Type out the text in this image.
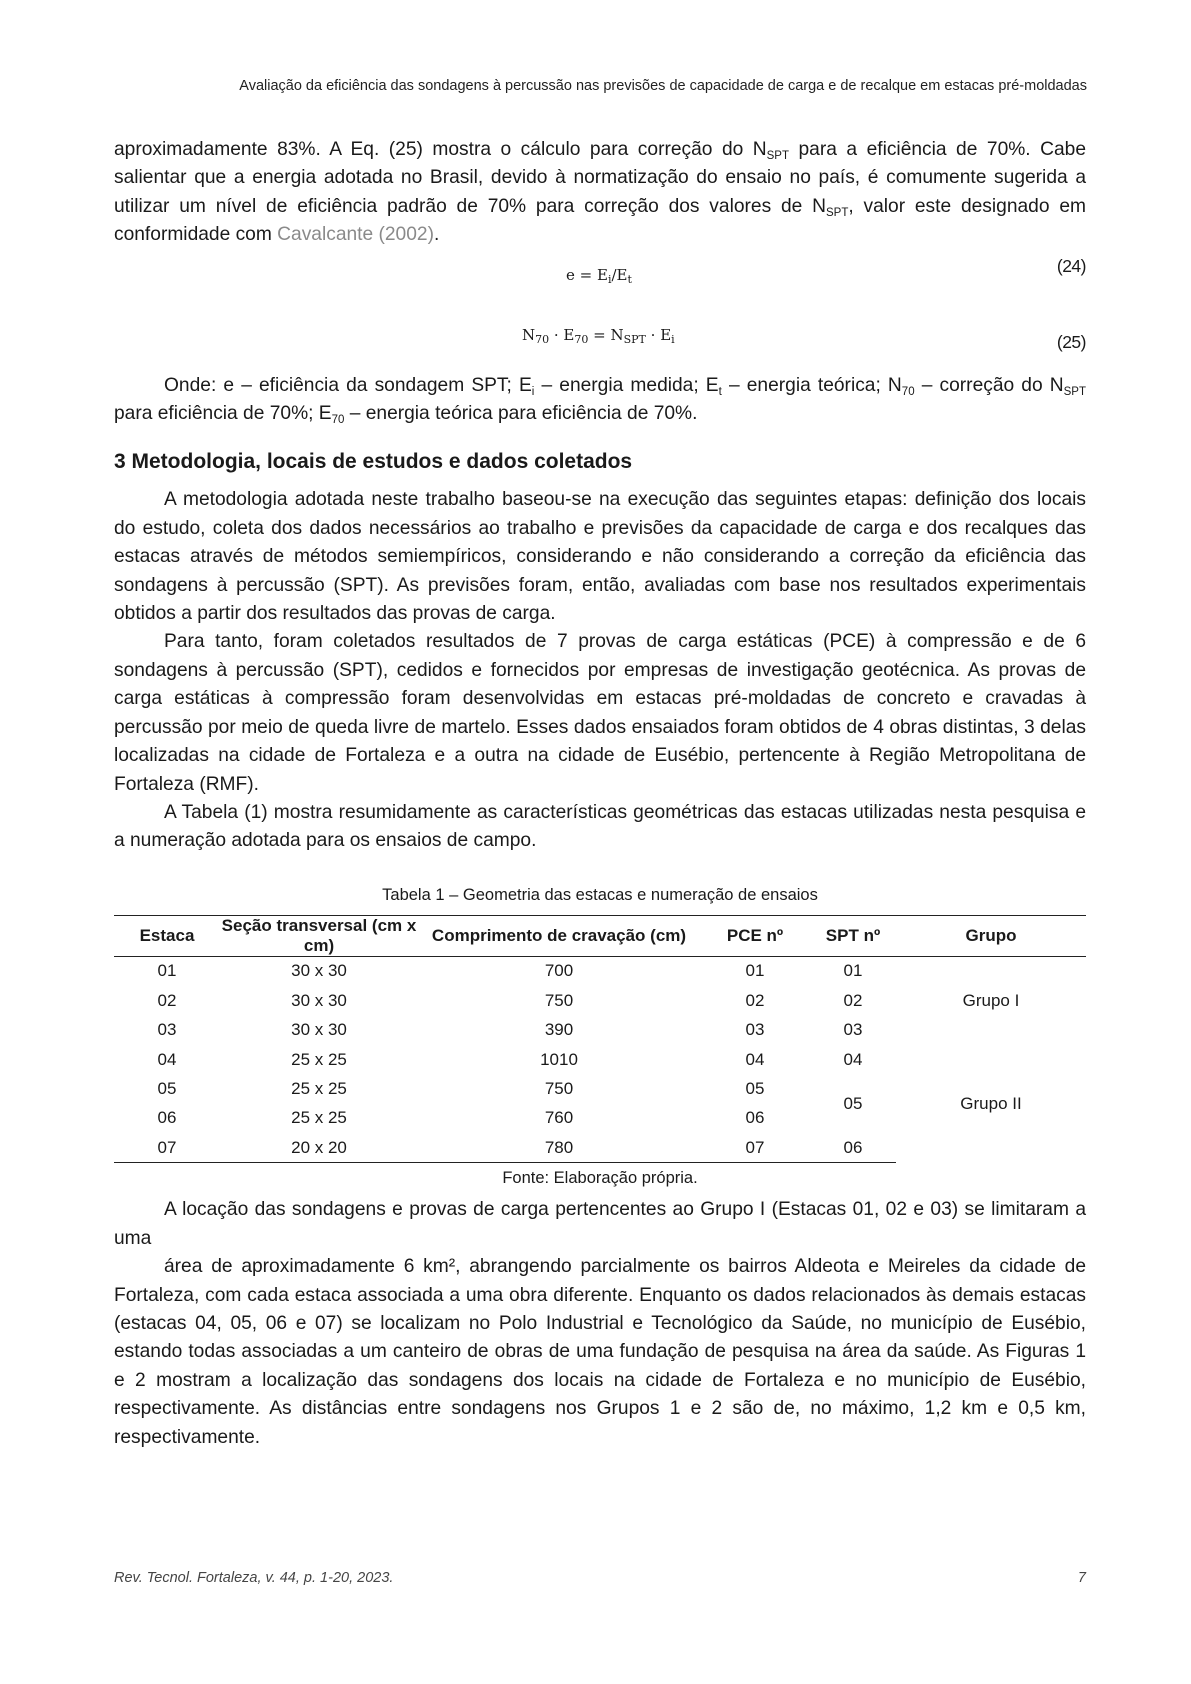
Avaliação da eficiência das sondagens à percussão nas previsões de capacidade de carga e de recalque em estacas pré-moldadas

aproximadamente 83%. A Eq. (25) mostra o cálculo para correção do $N_{SPT}$ para a eficiência de 70%. Cabe salientar que a energia adotada no Brasil, devido à normatização do ensaio no país, é comumente sugerida a utilizar um nível de eficiência padrão de 70% para correção dos valores de $N_{SPT}$, valor este designado em conformidade com Cavalcante (2002).

$e = E_i/E_t$
(24)
$N_{70} \cdot E_{70} = N_{SPT} \cdot E_i$	(25)

Onde: e – eficiência da sondagem SPT; $E_i$ – energia medida; $E_t$ – energia teórica; $N_{70}$ – correção do $N_{SPT}$ para eficiência de 70%; $E_{70}$ – energia teórica para eficiência de 70%.

3 Metodologia, locais de estudos e dados coletados

A metodologia adotada neste trabalho baseou-se na execução das seguintes etapas: definição dos locais do estudo, coleta dos dados necessários ao trabalho e previsões da capacidade de carga e dos recalques das estacas através de métodos semiempíricos, considerando e não considerando a correção da eficiência das sondagens à percussão (SPT). As previsões foram, então, avaliadas com base nos resultados experimentais obtidos a partir dos resultados das provas de carga.

Para tanto, foram coletados resultados de 7 provas de carga estáticas (PCE) à compressão e de 6 sondagens à percussão (SPT), cedidos e fornecidos por empresas de investigação geotécnica. As provas de carga estáticas à compressão foram desenvolvidas em estacas pré-moldadas de concreto e cravadas à percussão por meio de queda livre de martelo. Esses dados ensaiados foram obtidos de 4 obras distintas, 3 delas localizadas na cidade de Fortaleza e a outra na cidade de Eusébio, pertencente à Região Metropolitana de Fortaleza (RMF).

A Tabela (1) mostra resumidamente as características geométricas das estacas utilizadas nesta pesquisa e a numeração adotada para os ensaios de campo.

Tabela 1 – Geometria das estacas e numeração de ensaios
Estaca	Seção transversal (cm x cm)	Comprimento de cravação (cm)	PCE nº	SPT nº	Grupo
01	30 x 30	700	01	01	Grupo I
02	30 x 30	750	02	02	
03	30 x 30	390	03	03	
04	25 x 25	1010	04	04	Grupo II
05	25 x 25	750	05	05	
06	25 x 25	760	06		
07	20 x 20	780	07	06	
Fonte: Elaboração própria.

A locação das sondagens e provas de carga pertencentes ao Grupo I (Estacas 01, 02 e 03) se limitaram a uma

área de aproximadamente 6 km², abrangendo parcialmente os bairros Aldeota e Meireles da cidade de Fortaleza, com cada estaca associada a uma obra diferente. Enquanto os dados relacionados às demais estacas (estacas 04, 05, 06 e 07) se localizam no Polo Industrial e Tecnológico da Saúde, no município de Eusébio, estando todas associadas a um canteiro de obras de uma fundação de pesquisa na área da saúde. As Figuras 1 e 2 mostram a localização das sondagens dos locais na cidade de Fortaleza e no município de Eusébio, respectivamente. As distâncias entre sondagens nos Grupos 1 e 2 são de, no máximo, 1,2 km e 0,5 km, respectivamente.

Rev. Tecnol. Fortaleza, v. 44, p. 1-20, 2023.	7
